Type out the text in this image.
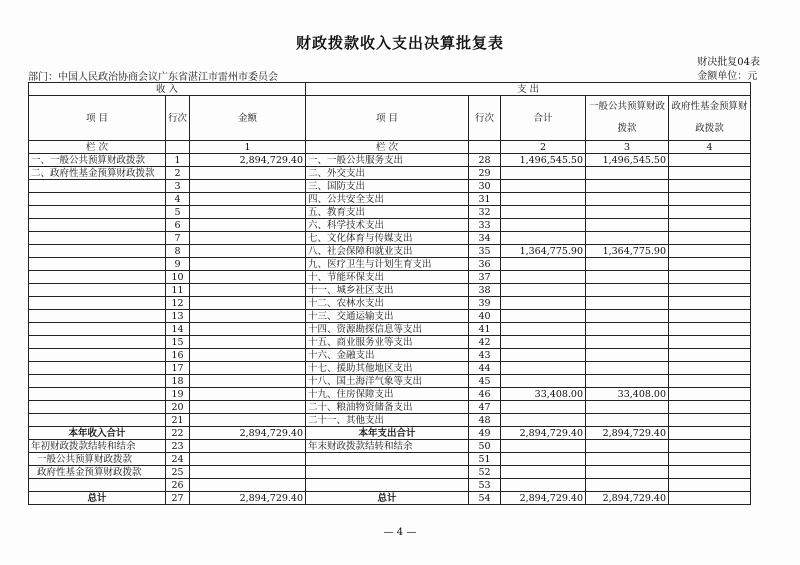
财政拨款收入支出决算批复表
部门：中国人民政治协商会议广东省湛江市雷州市委员会
财决批复04表
金额单位：元
收 入			支 出				
项 目	行次	金额	项 目	行次	合计	一般公共预算财政拨款	政府性基金预算财政拨款
栏 次		1	栏 次		2	3	4
一、一般公共预算财政拨款	1	2,894,729.40	一、一般公共服务支出	28	1,496,545.50	1,496,545.50	
二、政府性基金预算财政拨款	2		二、外交支出	29			
	3		三、国防支出	30			
	4		四、公共安全支出	31			
	5		五、教育支出	32			
	6		六、科学技术支出	33			
	7		七、文化体育与传媒支出	34			
	8		八、社会保障和就业支出	35	1,364,775.90	1,364,775.90	
	9		九、医疗卫生与计划生育支出	36			
	10		十、节能环保支出	37			
	11		十一、城乡社区支出	38			
	12		十二、农林水支出	39			
	13		十三、交通运输支出	40			
	14		十四、资源勘探信息等支出	41			
	15		十五、商业服务业等支出	42			
	16		十六、金融支出	43			
	17		十七、援助其他地区支出	44			
	18		十八、国土海洋气象等支出	45			
	19		十九、住房保障支出	46	33,408.00	33,408.00	
	20		二十、粮油物资储备支出	47			
	21		二十一、其他支出	48			
本年收入合计	22	2,894,729.40	本年支出合计	49	2,894,729.40	2,894,729.40	
年初财政拨款结转和结余	23		年末财政拨款结转和结余	50			
一般公共预算财政拨款	24			51			
政府性基金预算财政拨款	25			52			
	26			53			
总计	27	2,894,729.40	总计	54	2,894,729.40	2,894,729.40	
— 4 —
